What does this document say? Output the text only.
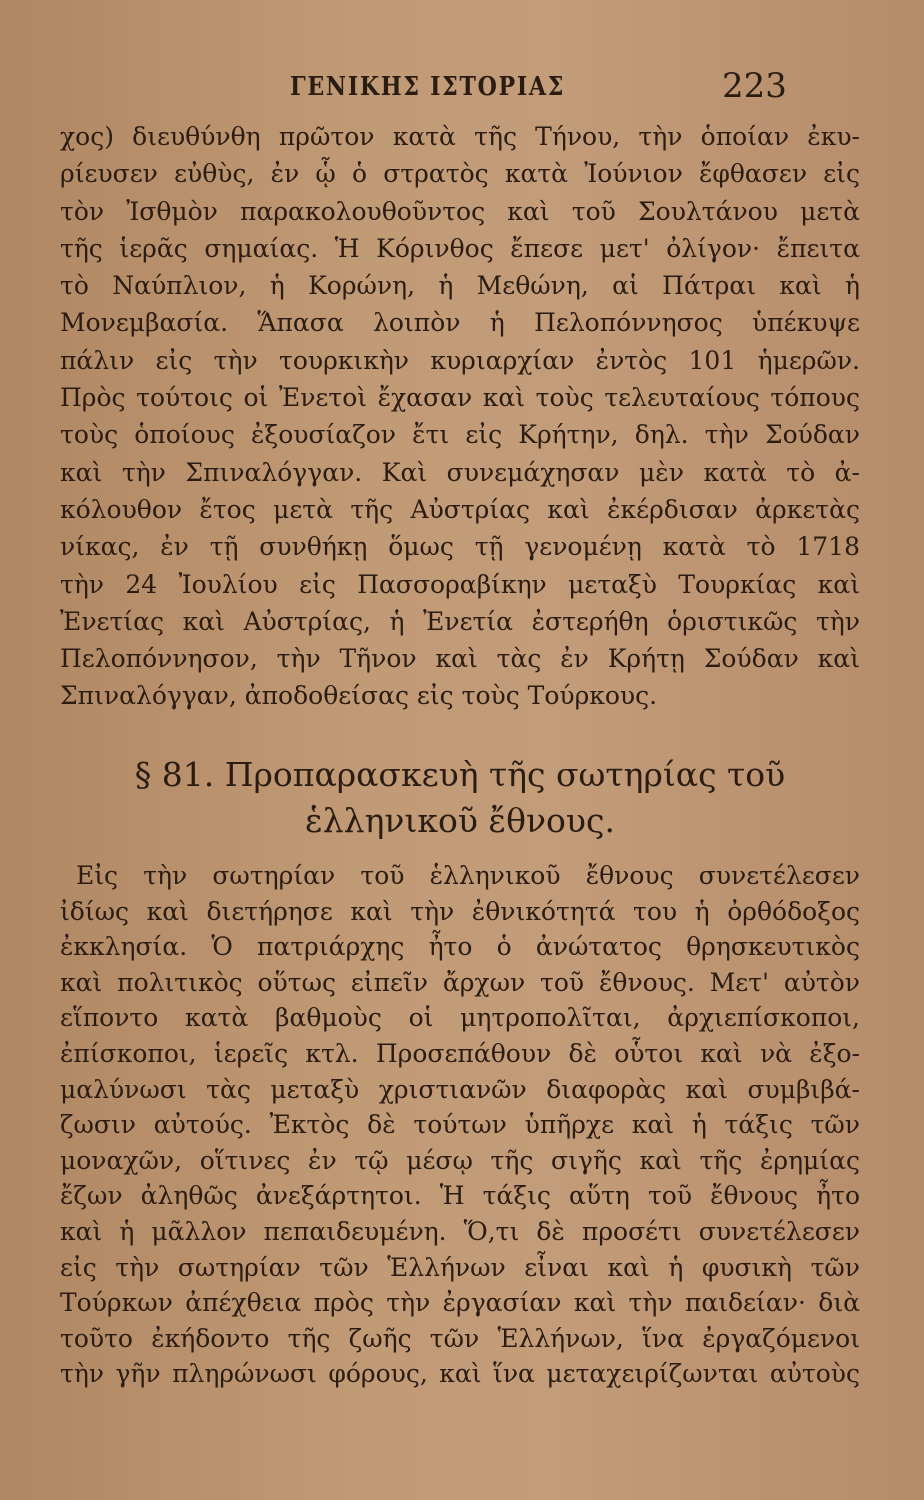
ΓΕΝΙΚΗΣ ΙΣΤΟΡΙΑΣ	223
χος) διευθύνθη πρῶτον κατὰ τῆς Τήνου, τὴν ὁποίαν ἐκυ-
ρίευσεν εὐθὺς, ἐν ᾧ ὁ στρατὸς κατὰ Ἰούνιον ἔφθασεν εἰς
τὸν Ἰσθμὸν παρακολουθοῦντος καὶ τοῦ Σουλτάνου μετὰ
τῆς ἱερᾶς σημαίας. Ἡ Κόρινθος ἔπεσε μετ' ὀλίγον· ἔπειτα
τὸ Ναύπλιον, ἡ Κορώνη, ἡ Μεθώνη, αἱ Πάτραι καὶ ἡ
Μονεμβασία. Ἅπασα λοιπὸν ἡ Πελοπόννησος ὑπέκυψε
πάλιν εἰς τὴν τουρκικὴν κυριαρχίαν ἐντὸς 101 ἡμερῶν.
Πρὸς τούτοις οἱ Ἐνετοὶ ἔχασαν καὶ τοὺς τελευταίους τόπους
τοὺς ὁποίους ἐξουσίαζον ἔτι εἰς Κρήτην, δηλ. τὴν Σούδαν
καὶ τὴν Σπιναλόγγαν. Καὶ συνεμάχησαν μὲν κατὰ τὸ ἀ-
κόλουθον ἔτος μετὰ τῆς Αὐστρίας καὶ ἐκέρδισαν ἀρκετὰς
νίκας, ἐν τῇ συνθήκῃ ὅμως τῇ γενομένῃ κατὰ τὸ 1718
τὴν 24 Ἰουλίου εἰς Πασσοραβίκην μεταξὺ Τουρκίας καὶ
Ἐνετίας καὶ Αὐστρίας, ἡ Ἐνετία ἐστερήθη ὁριστικῶς τὴν
Πελοπόννησον, τὴν Τῆνον καὶ τὰς ἐν Κρήτῃ Σούδαν καὶ
Σπιναλόγγαν, ἀποδοθείσας εἰς τοὺς Τούρκους.
§ 81. Προπαρασκευὴ τῆς σωτηρίας τοῦ
ἑλληνικοῦ ἔθνους.
Εἰς τὴν σωτηρίαν τοῦ ἑλληνικοῦ ἔθνους συνετέλεσεν
ἰδίως καὶ διετήρησε καὶ τὴν ἐθνικότητά του ἡ ὀρθόδοξος
ἐκκλησία. Ὁ πατριάρχης ἦτο ὁ ἀνώτατος θρησκευτικὸς
καὶ πολιτικὸς οὕτως εἰπεῖν ἄρχων τοῦ ἔθνους. Μετ' αὐτὸν
εἵποντο κατὰ βαθμοὺς οἱ μητροπολῖται, ἀρχιεπίσκοποι,
ἐπίσκοποι, ἱερεῖς κτλ. Προσεπάθουν δὲ οὗτοι καὶ νὰ ἐξο-
μαλύνωσι τὰς μεταξὺ χριστιανῶν διαφορὰς καὶ συμβιβά-
ζωσιν αὐτούς. Ἐκτὸς δὲ τούτων ὑπῆρχε καὶ ἡ τάξις τῶν
μοναχῶν, οἵτινες ἐν τῷ μέσῳ τῆς σιγῆς καὶ τῆς ἐρημίας
ἔζων ἀληθῶς ἀνεξάρτητοι. Ἡ τάξις αὕτη τοῦ ἔθνους ἦτο
καὶ ἡ μᾶλλον πεπαιδευμένη. Ὅ,τι δὲ προσέτι συνετέλεσεν
εἰς τὴν σωτηρίαν τῶν Ἑλλήνων εἶναι καὶ ἡ φυσικὴ τῶν
Τούρκων ἀπέχθεια πρὸς τὴν ἐργασίαν καὶ τὴν παιδείαν· διὰ
τοῦτο ἐκήδοντο τῆς ζωῆς τῶν Ἑλλήνων, ἵνα ἐργαζόμενοι
τὴν γῆν πληρώνωσι φόρους, καὶ ἵνα μεταχειρίζωνται αὐτοὺς
